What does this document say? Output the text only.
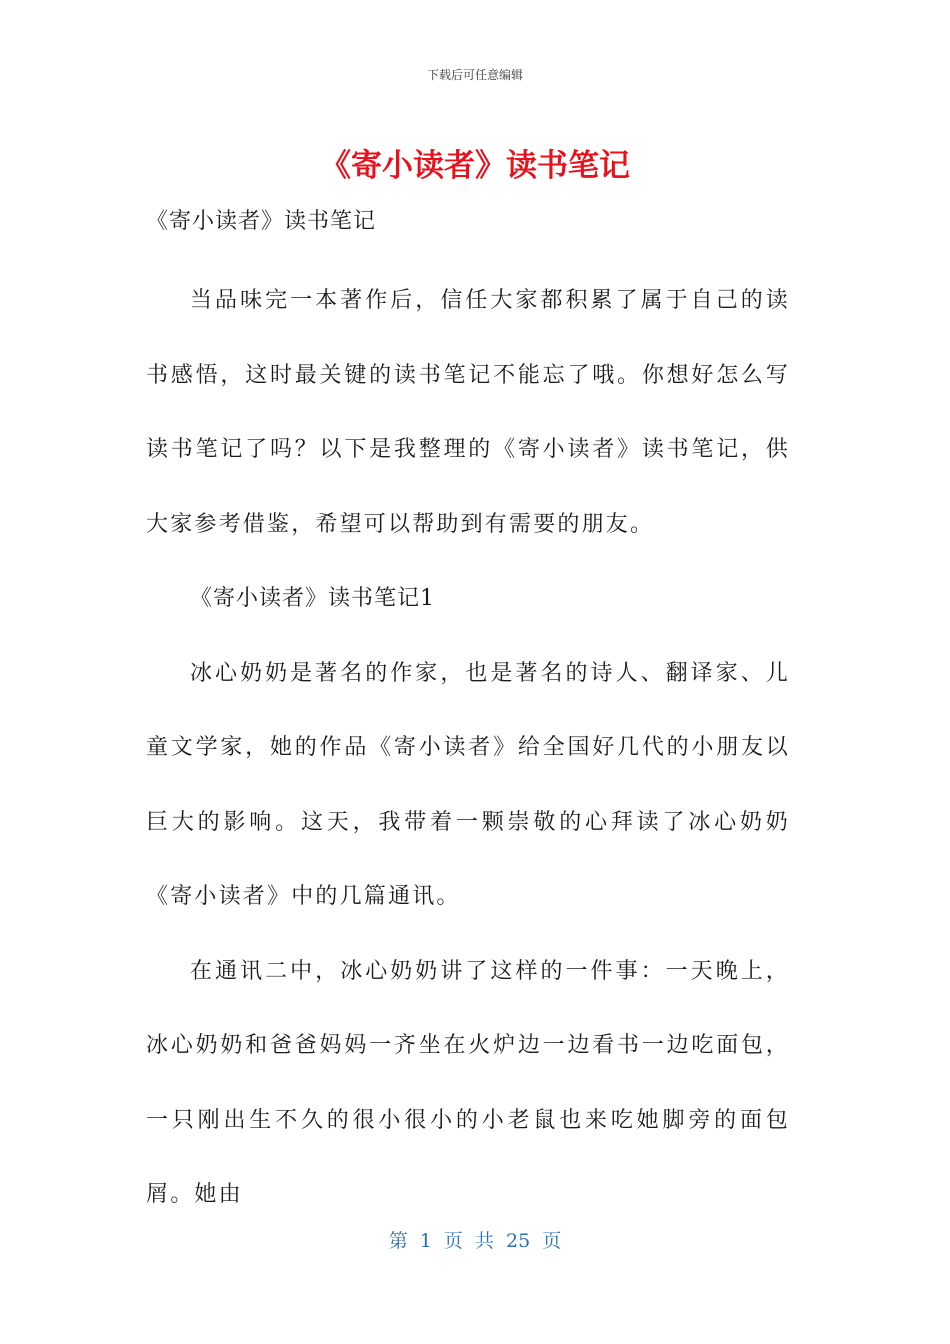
下载后可任意编辑
《寄小读者》读书笔记
《寄小读者》读书笔记

当品味完一本著作后，信任大家都积累了属于自己的读书感悟，这时最关键的读书笔记不能忘了哦。你想好怎么写读书笔记了吗？以下是我整理的《寄小读者》读书笔记，供大家参考借鉴，希望可以帮助到有需要的朋友。

《寄小读者》读书笔记1

冰心奶奶是著名的作家，也是著名的诗人、翻译家、儿童文学家，她的作品《寄小读者》给全国好几代的小朋友以巨大的影响。这天，我带着一颗崇敬的心拜读了冰心奶奶《寄小读者》中的几篇通讯。

在通讯二中，冰心奶奶讲了这样的一件事：一天晚上，冰心奶奶和爸爸妈妈一齐坐在火炉边一边看书一边吃面包，一只刚出生不久的很小很小的小老鼠也来吃她脚旁的面包屑。她由

第 1 页 共 25 页
